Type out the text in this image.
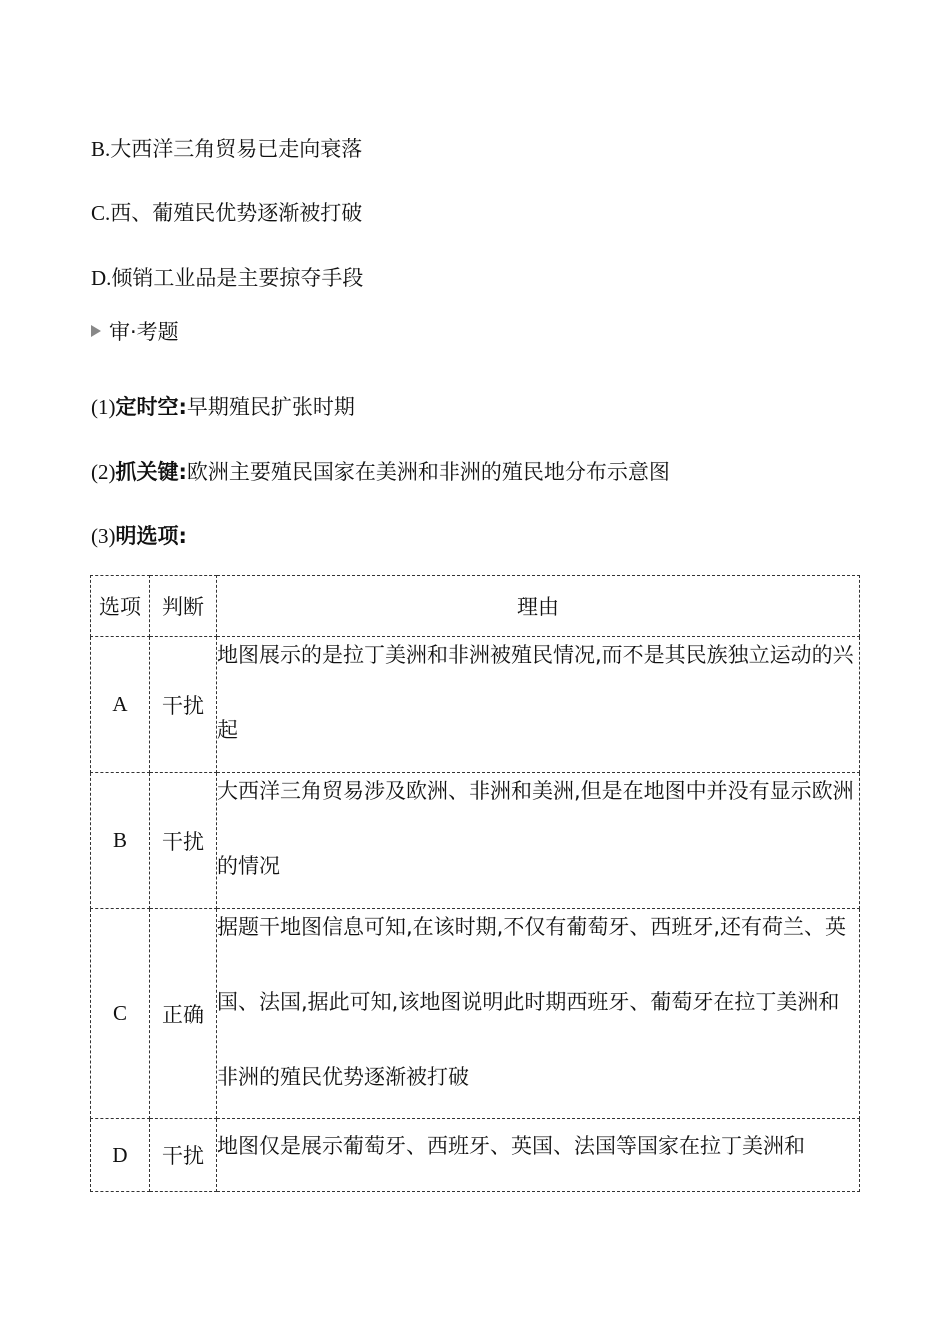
B.大西洋三角贸易已走向衰落
C.西、葡殖民优势逐渐被打破
D.倾销工业品是主要掠夺手段
审·考题
(1)定时空:早期殖民扩张时期
(2)抓关键:欧洲主要殖民国家在美洲和非洲的殖民地分布示意图
(3)明选项:
选项	判断	理由
A	干扰	地图展示的是拉丁美洲和非洲被殖民情况,而不是其民族独立运动的兴起

B	干扰	大西洋三角贸易涉及欧洲、非洲和美洲,但是在地图中并没有显示欧洲的情况

C	正确	据题干地图信息可知,在该时期,不仅有葡萄牙、西班牙,还有荷兰、英国、法国,据此可知,该地图说明此时期西班牙、葡萄牙在拉丁美洲和非洲的殖民优势逐渐被打破

D	干扰	地图仅是展示葡萄牙、西班牙、英国、法国等国家在拉丁美洲和
